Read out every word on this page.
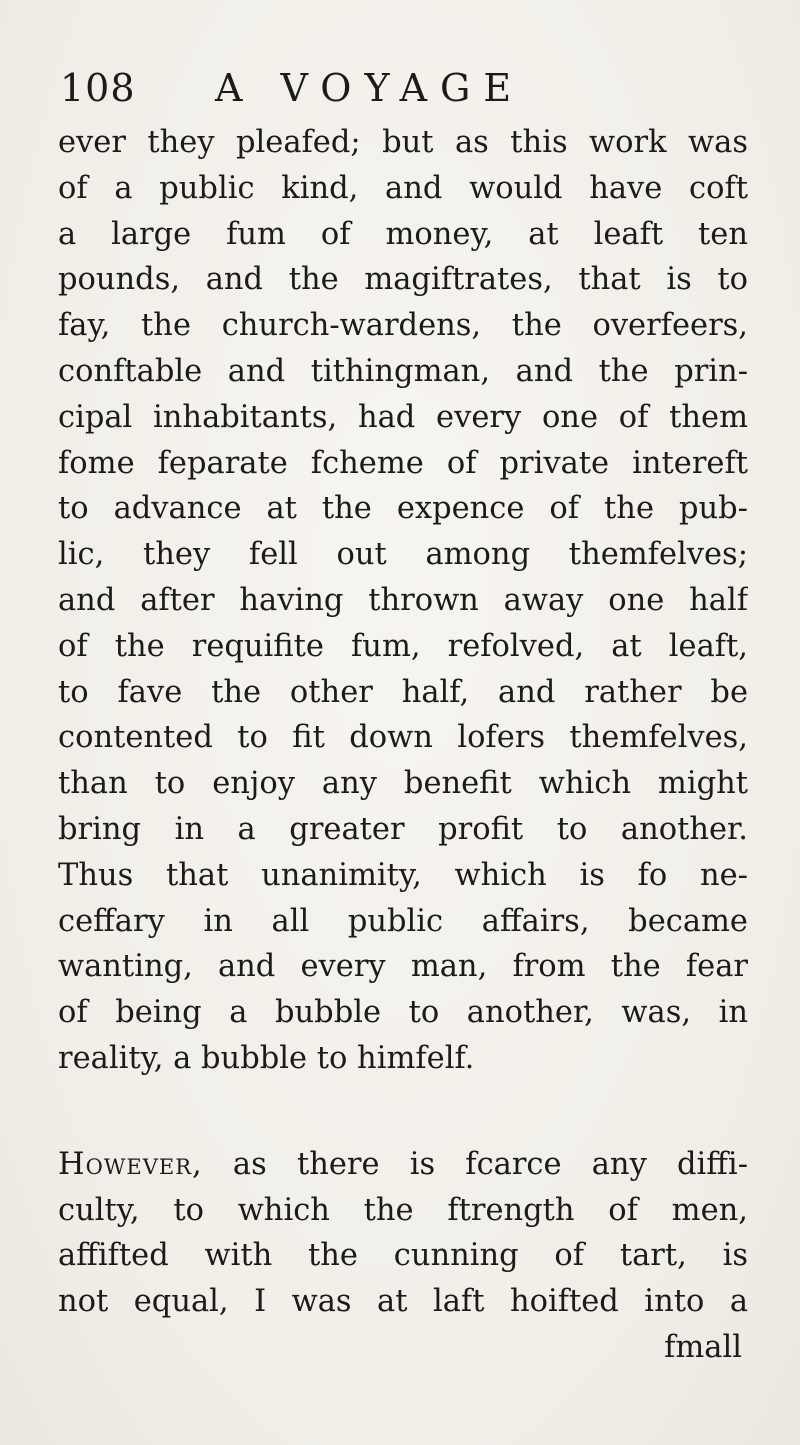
108 A VOYAGE
ever they pleafed; but as this work was
of a public kind, and would have coft
a large fum of money, at leaft ten
pounds, and the magiftrates, that is to
fay, the church-wardens, the overfeers,
conftable and tithingman, and the prin-
cipal inhabitants, had every one of them
fome feparate fcheme of private intereft
to advance at the expence of the pub-
lic, they fell out among themfelves;
and after having thrown away one half
of the requifite fum, refolved, at leaft,
to fave the other half, and rather be
contented to fit down lofers themfelves,
than to enjoy any benefit which might
bring in a greater profit to another.
Thus that unanimity, which is fo ne-
ceffary in all public affairs, became
wanting, and every man, from the fear
of being a bubble to another, was, in
reality, a bubble to himfelf.
However, as there is fcarce any diffi-
culty, to which the ftrength of men,
affifted with the cunning of tart, is
not equal, I was at laft hoifted into a
fmall
